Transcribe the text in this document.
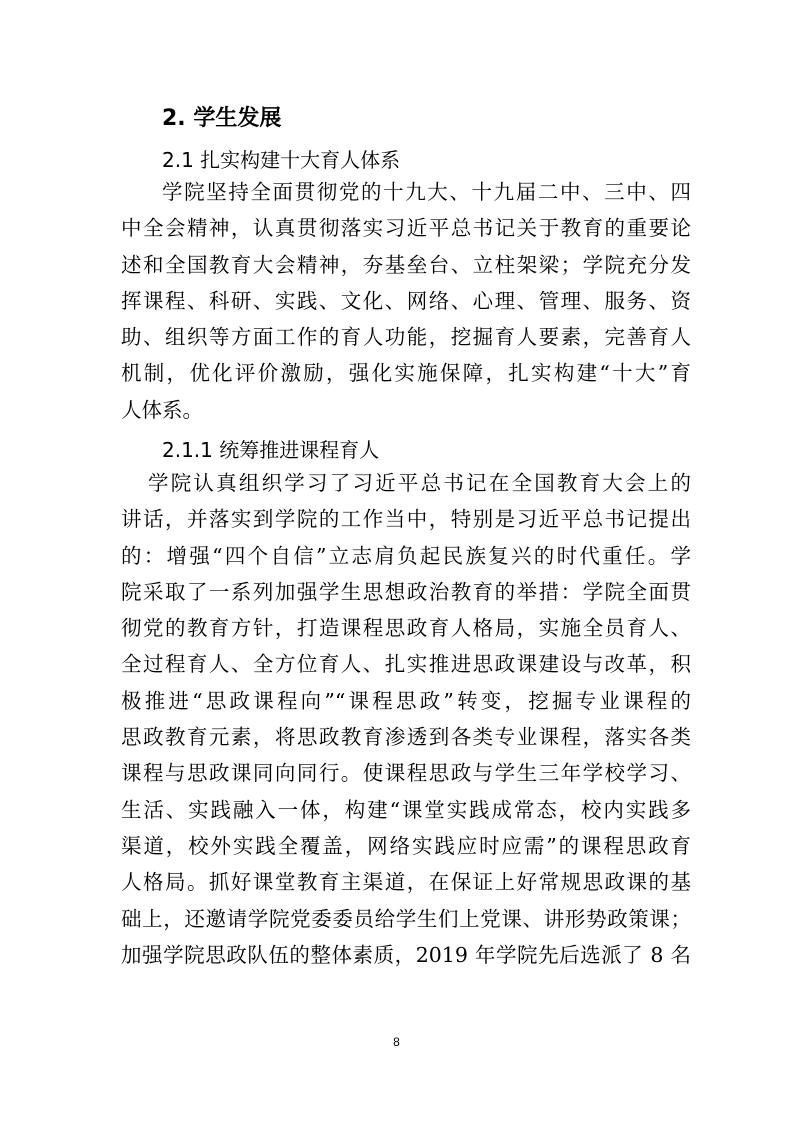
2. 学生发展
2.1 扎实构建十大育人体系
学院坚持全面贯彻党的十九大、十九届二中、三中、四
中全会精神，认真贯彻落实习近平总书记关于教育的重要论
述和全国教育大会精神，夯基垒台、立柱架梁；学院充分发
挥课程、科研、实践、文化、网络、心理、管理、服务、资
助、组织等方面工作的育人功能，挖掘育人要素，完善育人
机制，优化评价激励，强化实施保障，扎实构建“十大”育
人体系。
2.1.1 统筹推进课程育人
学院认真组织学习了习近平总书记在全国教育大会上的
讲话，并落实到学院的工作当中，特别是习近平总书记提出
的：增强“四个自信”立志肩负起民族复兴的时代重任。学
院采取了一系列加强学生思想政治教育的举措：学院全面贯
彻党的教育方针，打造课程思政育人格局，实施全员育人、
全过程育人、全方位育人、扎实推进思政课建设与改革，积
极推进“思政课程向”“课程思政”转变，挖掘专业课程的
思政教育元素，将思政教育渗透到各类专业课程，落实各类
课程与思政课同向同行。使课程思政与学生三年学校学习、
生活、实践融入一体，构建“课堂实践成常态，校内实践多
渠道，校外实践全覆盖，网络实践应时应需”的课程思政育
人格局。抓好课堂教育主渠道，在保证上好常规思政课的基
础上，还邀请学院党委委员给学生们上党课、讲形势政策课；
加强学院思政队伍的整体素质，2019 年学院先后选派了 8 名
8
